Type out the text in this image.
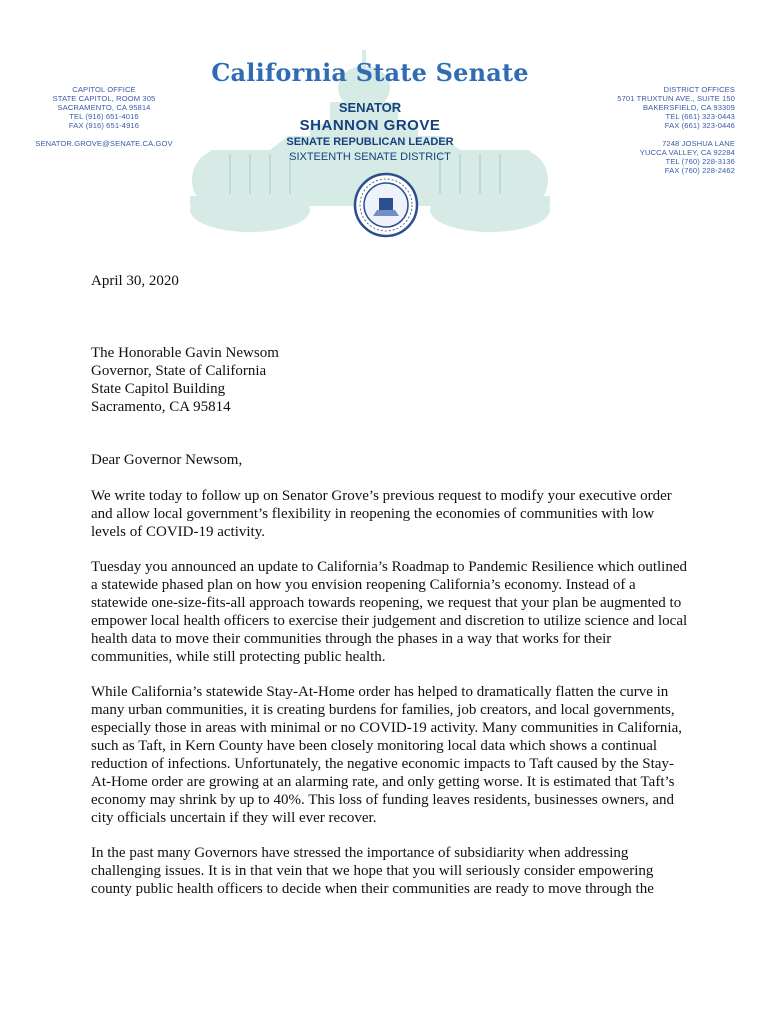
CAPITOL OFFICE
STATE CAPITOL, ROOM 305
SACRAMENTO, CA 95814
TEL (916) 651-4016
FAX (916) 651-4916
SENATOR.GROVE@SENATE.CA.GOV
California State Senate
SENATOR
SHANNON GROVE
SENATE REPUBLICAN LEADER
SIXTEENTH SENATE DISTRICT
DISTRICT OFFICES
5701 TRUXTUN AVE., SUITE 150
BAKERSFIELD, CA 93309
TEL (661) 323-0443
FAX (661) 323-0446
7248 JOSHUA LANE
YUCCA VALLEY, CA 92284
TEL (760) 228-3136
FAX (760) 228-2462
April 30, 2020
The Honorable Gavin Newsom
Governor, State of California
State Capitol Building
Sacramento, CA 95814
Dear Governor Newsom,
We write today to follow up on Senator Grove’s previous request to modify your executive order and allow local government’s flexibility in reopening the economies of communities with low levels of COVID-19 activity.
Tuesday you announced an update to California’s Roadmap to Pandemic Resilience which outlined a statewide phased plan on how you envision reopening California’s economy. Instead of a statewide one-size-fits-all approach towards reopening, we request that your plan be augmented to empower local health officers to exercise their judgement and discretion to utilize science and local health data to move their communities through the phases in a way that works for their communities, while still protecting public health.
While California’s statewide Stay-At-Home order has helped to dramatically flatten the curve in many urban communities, it is creating burdens for families, job creators, and local governments, especially those in areas with minimal or no COVID-19 activity. Many communities in California, such as Taft, in Kern County have been closely monitoring local data which shows a continual reduction of infections. Unfortunately, the negative economic impacts to Taft caused by the Stay-At-Home order are growing at an alarming rate, and only getting worse. It is estimated that Taft’s economy may shrink by up to 40%. This loss of funding leaves residents, businesses owners, and city officials uncertain if they will ever recover.
In the past many Governors have stressed the importance of subsidiarity when addressing challenging issues. It is in that vein that we hope that you will seriously consider empowering county public health officers to decide when their communities are ready to move through the
